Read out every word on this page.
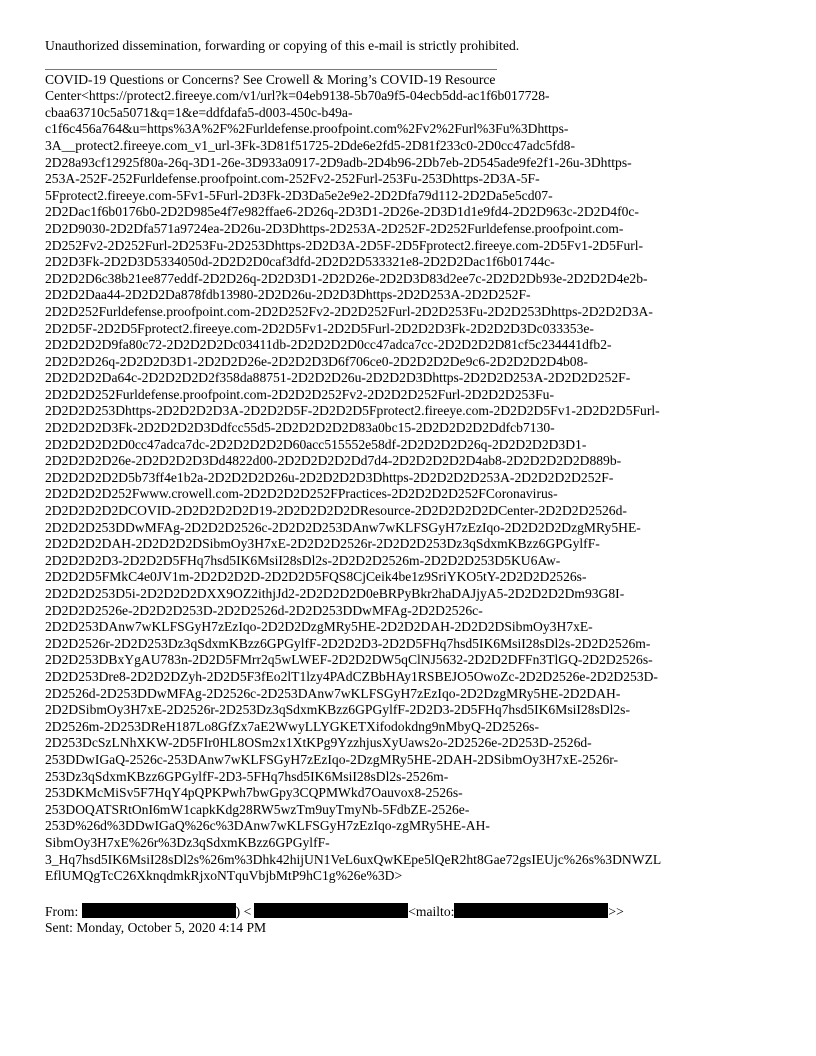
Unauthorized dissemination, forwarding or copying of this e-mail is strictly prohibited.

COVID-19 Questions or Concerns? See Crowell & Moring’s COVID-19 Resource

Center<https://protect2.fireeye.com/v1/url?k=04eb9138-5b70a9f5-04ecb5dd-ac1f6b017728-
cbaa63710c5a5071&q=1&e=ddfdafa5-d003-450c-b49a-
c1f6c456a764&u=https%3A%2F%2Furldefense.proofpoint.com%2Fv2%2Furl%3Fu%3Dhttps-
3A__protect2.fireeye.com_v1_url-3Fk-3D81f51725-2Dde6e2fd5-2D81f233c0-2D0cc47adc5fd8-
2D28a93cf12925f80a-26q-3D1-26e-3D933a0917-2D9adb-2D4b96-2Db7eb-2D545ade9fe2f1-26u-3Dhttps-
253A-252F-252Furldefense.proofpoint.com-252Fv2-252Furl-253Fu-253Dhttps-2D3A-5F-
5Fprotect2.fireeye.com-5Fv1-5Furl-2D3Fk-2D3Da5e2e9e2-2D2Dfa79d112-2D2Da5e5cd07-
2D2Dac1f6b0176b0-2D2D985e4f7e982ffae6-2D26q-2D3D1-2D26e-2D3D1d1e9fd4-2D2D963c-2D2D4f0c-
2D2D9030-2D2Dfa571a9724ea-2D26u-2D3Dhttps-2D253A-2D252F-2D252Furldefense.proofpoint.com-
2D252Fv2-2D252Furl-2D253Fu-2D253Dhttps-2D2D3A-2D5F-2D5Fprotect2.fireeye.com-2D5Fv1-2D5Furl-
2D2D3Fk-2D2D3D5334050d-2D2D2D0caf3dfd-2D2D2D533321e8-2D2D2Dac1f6b01744c-
2D2D2D6c38b21ee877eddf-2D2D26q-2D2D3D1-2D2D26e-2D2D3D83d2ee7c-2D2D2Db93e-2D2D2D4e2b-
2D2D2Daa44-2D2D2Da878fdb13980-2D2D26u-2D2D3Dhttps-2D2D253A-2D2D252F-
2D2D252Furldefense.proofpoint.com-2D2D252Fv2-2D2D252Furl-2D2D253Fu-2D2D253Dhttps-2D2D2D3A-
2D2D5F-2D2D5Fprotect2.fireeye.com-2D2D5Fv1-2D2D5Furl-2D2D2D3Fk-2D2D2D3Dc033353e-
2D2D2D2D9fa80c72-2D2D2D2Dc03411db-2D2D2D2D0cc47adca7cc-2D2D2D2D81cf5c234441dfb2-
2D2D2D26q-2D2D2D3D1-2D2D2D26e-2D2D2D3D6f706ce0-2D2D2D2De9c6-2D2D2D2D4b08-
2D2D2D2Da64c-2D2D2D2D2f358da88751-2D2D2D26u-2D2D2D3Dhttps-2D2D2D253A-2D2D2D252F-
2D2D2D252Furldefense.proofpoint.com-2D2D2D252Fv2-2D2D2D252Furl-2D2D2D253Fu-
2D2D2D253Dhttps-2D2D2D2D3A-2D2D2D5F-2D2D2D5Fprotect2.fireeye.com-2D2D2D5Fv1-2D2D2D5Furl-
2D2D2D2D3Fk-2D2D2D2D3Ddfcc55d5-2D2D2D2D2D83a0bc15-2D2D2D2D2Ddfcb7130-
2D2D2D2D2D0cc47adca7dc-2D2D2D2D2D60acc515552e58df-2D2D2D2D26q-2D2D2D2D3D1-
2D2D2D2D26e-2D2D2D2D3Dd4822d00-2D2D2D2D2Dd7d4-2D2D2D2D2D4ab8-2D2D2D2D2D889b-
2D2D2D2D2D5b73ff4e1b2a-2D2D2D2D26u-2D2D2D2D3Dhttps-2D2D2D2D253A-2D2D2D2D252F-
2D2D2D2D252Fwww.crowell.com-2D2D2D2D252FPractices-2D2D2D2D252FCoronavirus-
2D2D2D2D2DCOVID-2D2D2D2D2D19-2D2D2D2D2DResource-2D2D2D2D2DCenter-2D2D2D2526d-
2D2D2D253DDwMFAg-2D2D2D2526c-2D2D2D253DAnw7wKLFSGyH7zEzIqo-2D2D2D2DzgMRy5HE-
2D2D2D2DAH-2D2D2D2DSibmOy3H7xE-2D2D2D2526r-2D2D2D253Dz3qSdxmKBzz6GPGylfF-
2D2D2D2D3-2D2D2D5FHq7hsd5IK6MsiI28sDl2s-2D2D2D2526m-2D2D2D253D5KU6Aw-
2D2D2D5FMkC4e0JV1m-2D2D2D2D-2D2D2D5FQS8CjCeik4be1z9SriYKO5tY-2D2D2D2526s-
2D2D2D253D5i-2D2D2D2DXX9OZ2ithjJd2-2D2D2D2D0eBRPyBkr2haDAJjyA5-2D2D2D2Dm93G8I-
2D2D2D2526e-2D2D2D253D-2D2D2526d-2D2D253DDwMFAg-2D2D2526c-
2D2D253DAnw7wKLFSGyH7zEzIqo-2D2D2DzgMRy5HE-2D2D2DAH-2D2D2DSibmOy3H7xE-
2D2D2526r-2D2D253Dz3qSdxmKBzz6GPGylfF-2D2D2D3-2D2D5FHq7hsd5IK6MsiI28sDl2s-2D2D2526m-
2D2D253DBxYgAU783n-2D2D5FMrr2q5wLWEF-2D2D2DW5qClNJ5632-2D2D2DFFn3TlGQ-2D2D2526s-
2D2D253Dre8-2D2D2DZyh-2D2D5F3fEo2lT1lzy4PAdCZBbHAy1RSBEJO5OwoZc-2D2D2526e-2D2D253D-
2D2526d-2D253DDwMFAg-2D2526c-2D253DAnw7wKLFSGyH7zEzIqo-2D2DzgMRy5HE-2D2DAH-
2D2DSibmOy3H7xE-2D2526r-2D253Dz3qSdxmKBzz6GPGylfF-2D2D3-2D5FHq7hsd5IK6MsiI28sDl2s-
2D2526m-2D253DReH187Lo8GfZx7aE2WwyLLYGKETXifodokdng9nMbyQ-2D2526s-
2D253DcSzLNhXKW-2D5FIr0HL8OSm2x1XtKPg9YzzhjusXyUaws2o-2D2526e-2D253D-2526d-
253DDwIGaQ-2526c-253DAnw7wKLFSGyH7zEzIqo-2DzgMRy5HE-2DAH-2DSibmOy3H7xE-2526r-
253Dz3qSdxmKBzz6GPGylfF-2D3-5FHq7hsd5IK6MsiI28sDl2s-2526m-
253DKMcMiSv5F7HqY4pQPKPwh7bwGpy3CQPMWkd7Oauvox8-2526s-
253DOQATSRtOnI6mW1capkKdg28RW5wzTm9uyTmyNb-5FdbZE-2526e-
253D%26d%3DDwIGaQ%26c%3DAnw7wKLFSGyH7zEzIqo-zgMRy5HE-AH-
SibmOy3H7xE%26r%3Dz3qSdxmKBzz6GPGylfF-
3_Hq7hsd5IK6MsiI28sDl2s%26m%3Dhk42hijUN1VeL6uxQwKEpe5lQeR2ht8Gae72gsIEUjc%26s%3DNWZL
EflUMQgTcC26XknqdmkRjxoNTquVbjbMtP9hC1g%26e%3D>
From:	) <	<mailto:	>>
Sent: Monday, October 5, 2020 4:14 PM
